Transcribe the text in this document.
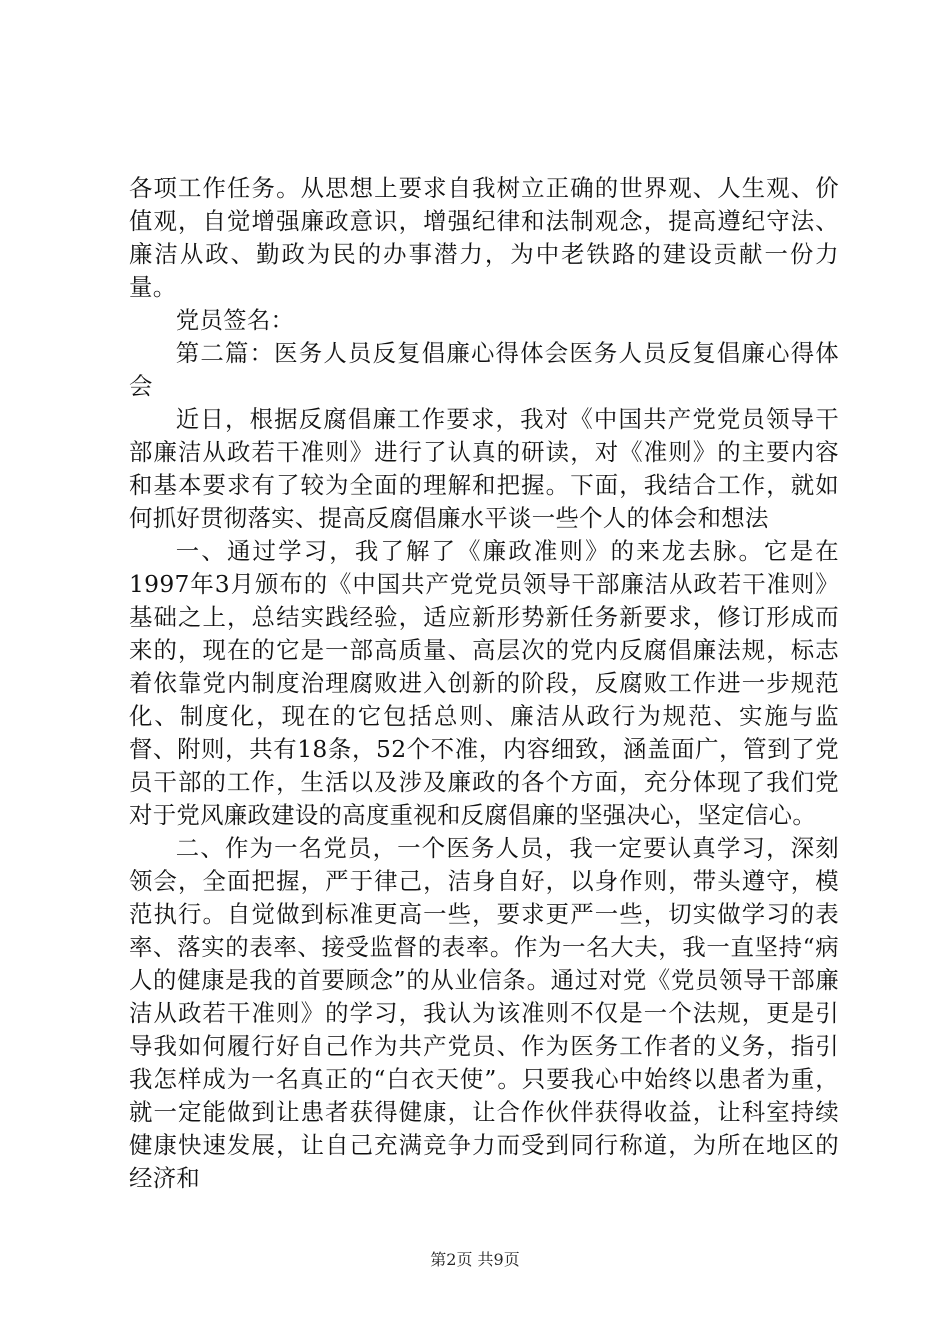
各项工作任务。从思想上要求自我树立正确的世界观、人生观、价值观，自觉增强廉政意识，增强纪律和法制观念，提高遵纪守法、廉洁从政、勤政为民的办事潜力，为中老铁路的建设贡献一份力量。

党员签名：

第二篇：医务人员反复倡廉心得体会医务人员反复倡廉心得体会

近日，根据反腐倡廉工作要求，我对《中国共产党党员领导干部廉洁从政若干准则》进行了认真的研读，对《准则》的主要内容和基本要求有了较为全面的理解和把握。下面，我结合工作，就如何抓好贯彻落实、提高反腐倡廉水平谈一些个人的体会和想法

一、通过学习，我了解了《廉政准则》的来龙去脉。它是在1997年3月颁布的《中国共产党党员领导干部廉洁从政若干准则》基础之上，总结实践经验，适应新形势新任务新要求，修订形成而来的，现在的它是一部高质量、高层次的党内反腐倡廉法规，标志着依靠党内制度治理腐败进入创新的阶段，反腐败工作进一步规范化、制度化，现在的它包括总则、廉洁从政行为规范、实施与监督、附则，共有18条，52个不准，内容细致，涵盖面广，管到了党员干部的工作，生活以及涉及廉政的各个方面，充分体现了我们党对于党风廉政建设的高度重视和反腐倡廉的坚强决心，坚定信心。

二、作为一名党员，一个医务人员，我一定要认真学习，深刻领会，全面把握，严于律己，洁身自好，以身作则，带头遵守，模范执行。自觉做到标准更高一些，要求更严一些，切实做学习的表率、落实的表率、接受监督的表率。作为一名大夫，我一直坚持“病人的健康是我的首要顾念”的从业信条。通过对党《党员领导干部廉洁从政若干准则》的学习，我认为该准则不仅是一个法规，更是引导我如何履行好自己作为共产党员、作为医务工作者的义务，指引我怎样成为一名真正的“白衣天使”。只要我心中始终以患者为重，就一定能做到让患者获得健康，让合作伙伴获得收益，让科室持续健康快速发展，让自己充满竞争力而受到同行称道，为所在地区的经济和

第2页 共9页
